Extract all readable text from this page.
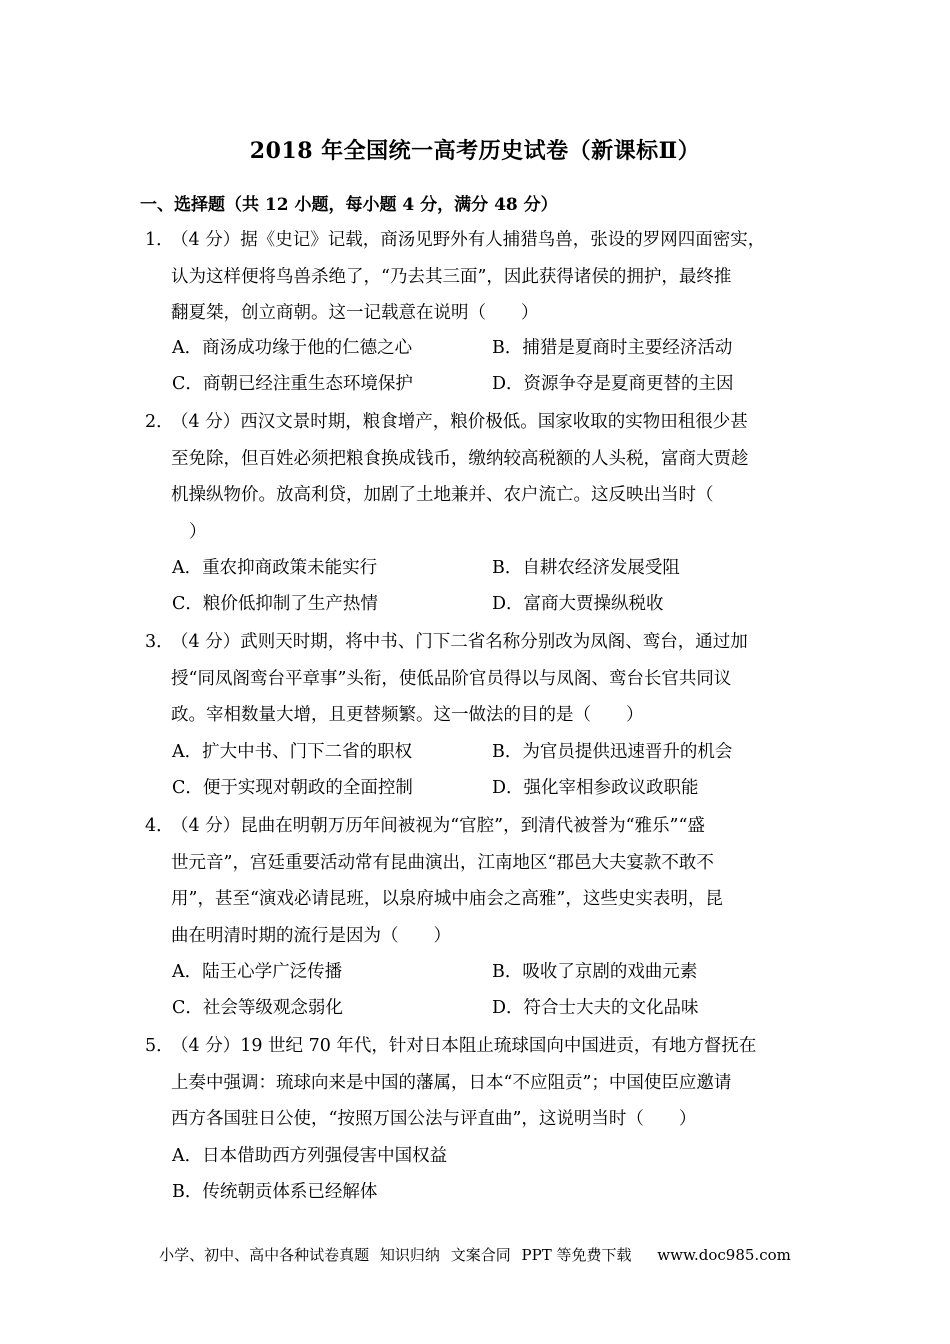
2018 年全国统一高考历史试卷（新课标Ⅱ）
一、选择题（共 12 小题，每小题 4 分，满分 48 分）
1．
（4 分）据《史记》记载，商汤见野外有人捕猎鸟兽，张设的罗网四面密实，
认为这样便将鸟兽杀绝了，“乃去其三面”，因此获得诸侯的拥护，最终推
翻夏桀，创立商朝。这一记载意在说明（　　）
A．商汤成功缘于他的仁德之心	B．捕猎是夏商时主要经济活动
C．商朝已经注重生态环境保护	D．资源争夺是夏商更替的主因
2．
（4 分）西汉文景时期，粮食增产，粮价极低。国家收取的实物田租很少甚
至免除，但百姓必须把粮食换成钱币，缴纳较高税额的人头税，富商大贾趁
机操纵物价。放高利贷，加剧了土地兼并、农户流亡。这反映出当时（
）
A．重农抑商政策未能实行	B．自耕农经济发展受阻
C．粮价低抑制了生产热情	D．富商大贾操纵税收
3．
（4 分）武则天时期，将中书、门下二省名称分别改为凤阁、鸾台，通过加
授“同凤阁鸾台平章事”头衔，使低品阶官员得以与凤阁、鸾台长官共同议
政。宰相数量大增，且更替频繁。这一做法的目的是（　　）
A．扩大中书、门下二省的职权	B．为官员提供迅速晋升的机会
C．便于实现对朝政的全面控制	D．强化宰相参政议政职能
4．
（4 分）昆曲在明朝万历年间被视为“官腔”，到清代被誉为“雅乐”“盛
世元音”，宫廷重要活动常有昆曲演出，江南地区“郡邑大夫宴款不敢不
用”，甚至“演戏必请昆班，以泉府城中庙会之高雅”，这些史实表明，昆
曲在明清时期的流行是因为（　　）
A．陆王心学广泛传播	B．吸收了京剧的戏曲元素
C．社会等级观念弱化	D．符合士大夫的文化品味
5．
（4 分）19 世纪 70 年代，针对日本阻止琉球国向中国进贡，有地方督抚在
上奏中强调：琉球向来是中国的藩属，日本“不应阻贡”；中国使臣应邀请
西方各国驻日公使，“按照万国公法与评直曲”，这说明当时（　　）
A．日本借助西方列强侵害中国权益
B．传统朝贡体系已经解体
小学、初中、高中各种试卷真题 知识归纳 文案合同 PPT 等免费下载 www.doc985.com
